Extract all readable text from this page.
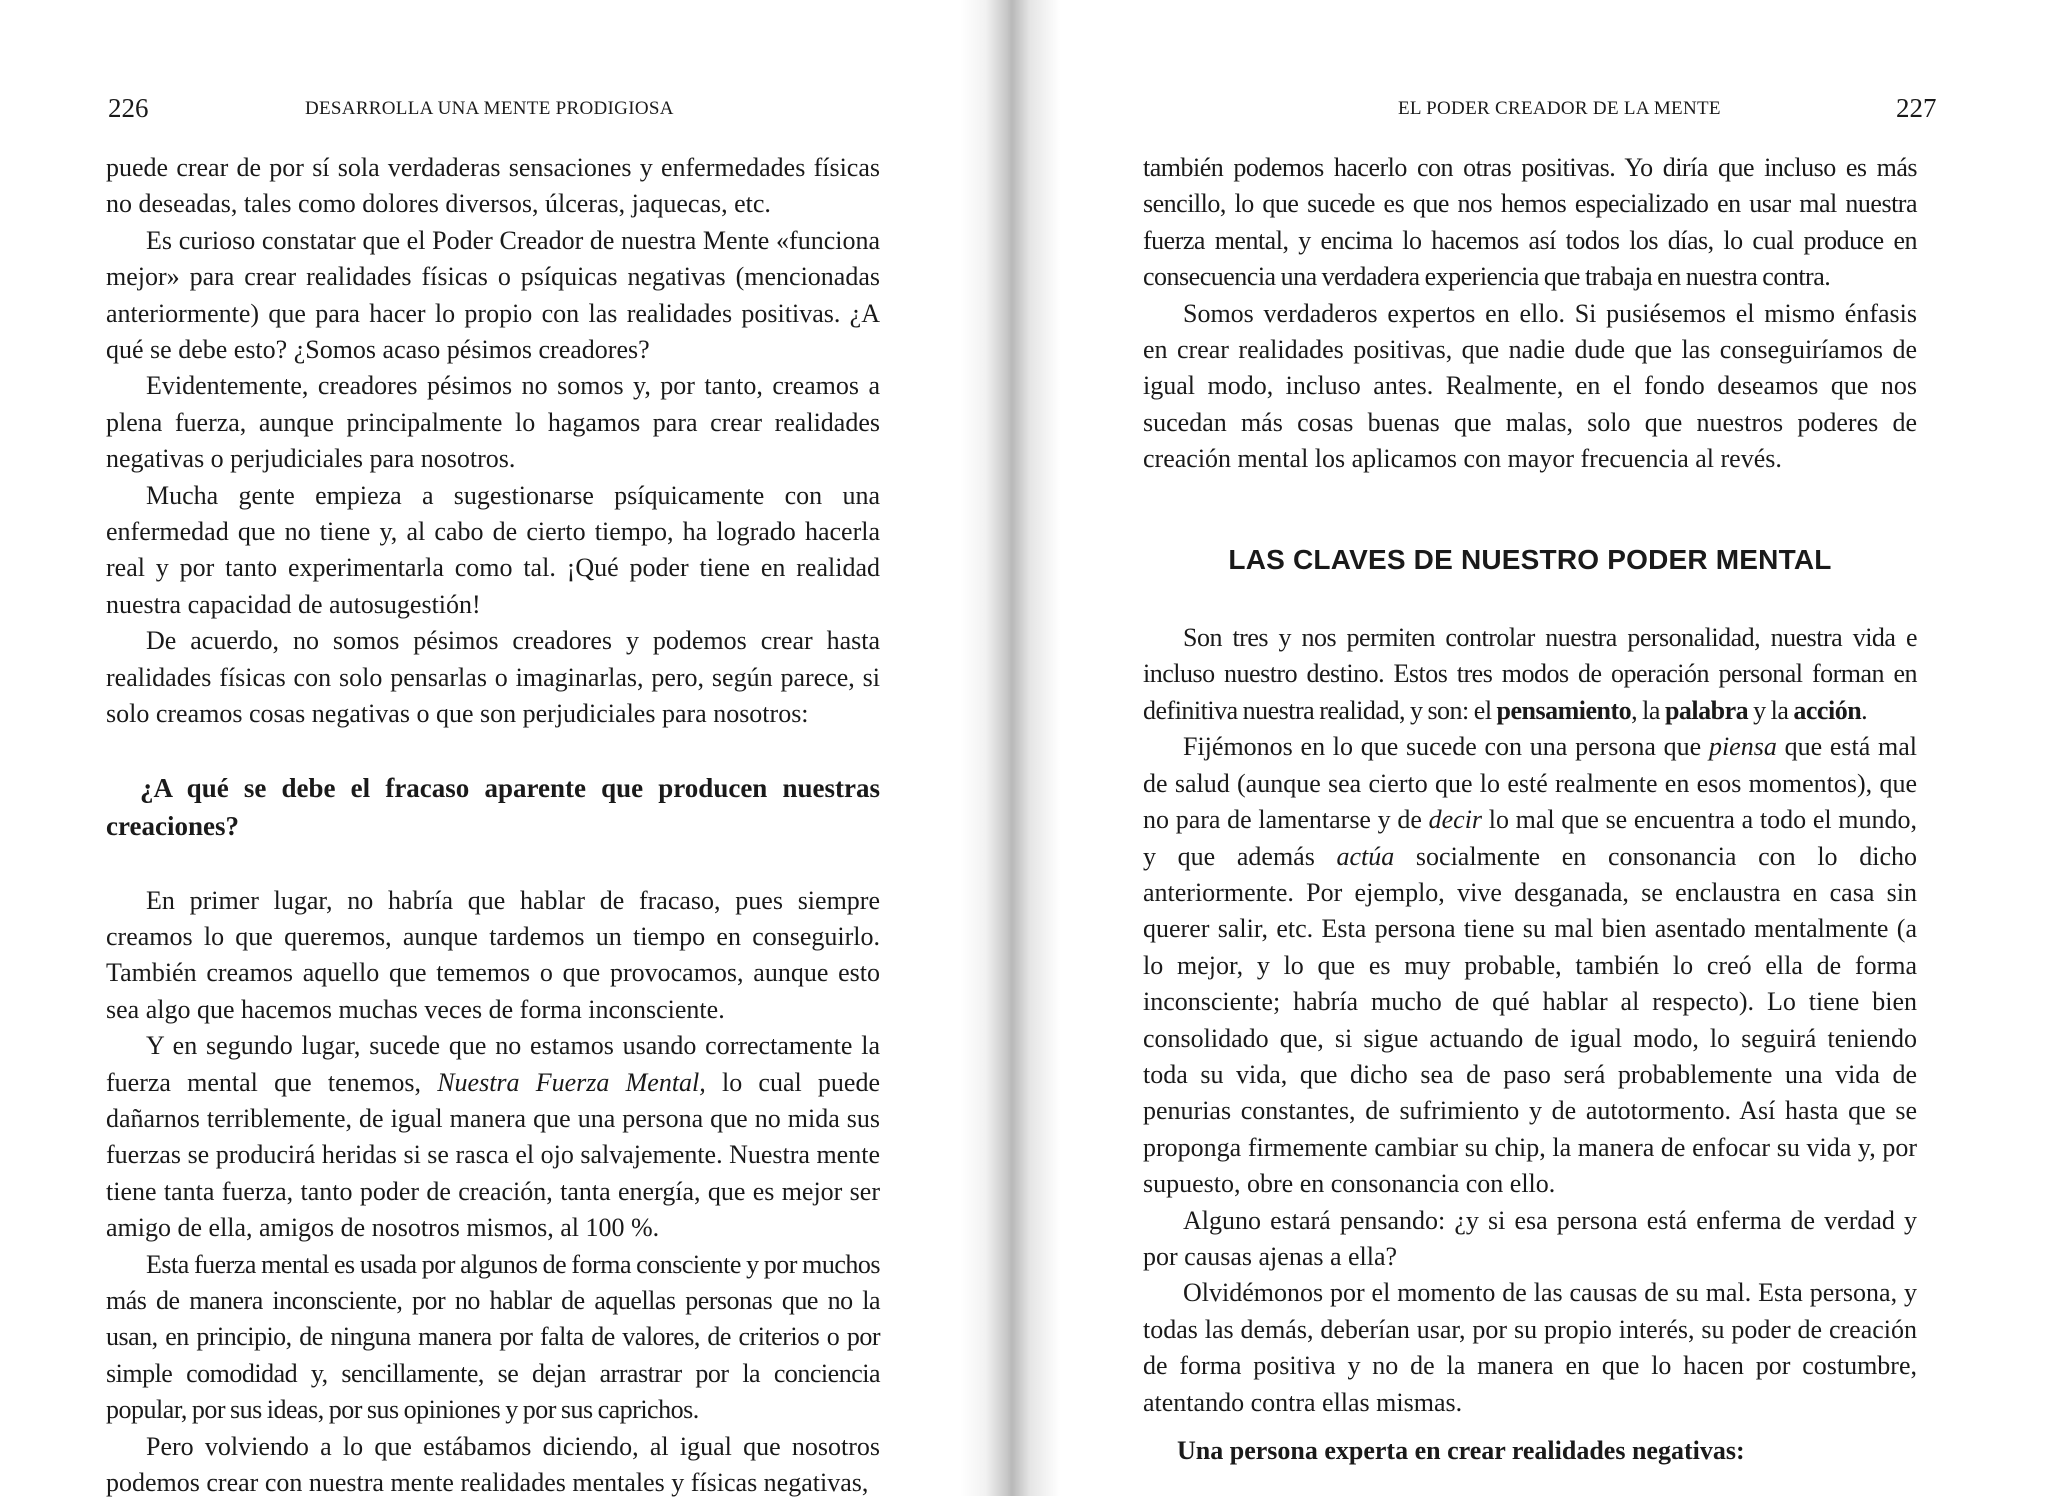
226	DESARROLLA UNA MENTE PRODIGIOSA

puede crear de por sí sola verdaderas sensaciones y enfermedades físicas no deseadas, tales como dolores diversos, úlceras, jaquecas, etc.

Es curioso constatar que el Poder Creador de nuestra Mente «funciona mejor» para crear realidades físicas o psíquicas negativas (mencionadas anteriormente) que para hacer lo propio con las realidades positivas. ¿A qué se debe esto? ¿Somos acaso pésimos creadores?

Evidentemente, creadores pésimos no somos y, por tanto, creamos a plena fuerza, aunque principalmente lo hagamos para crear realidades negativas o perjudiciales para nosotros.

Mucha gente empieza a sugestionarse psíquicamente con una enfermedad que no tiene y, al cabo de cierto tiempo, ha logrado hacerla real y por tanto experimentarla como tal. ¡Qué poder tiene en realidad nuestra capacidad de autosugestión!

De acuerdo, no somos pésimos creadores y podemos crear hasta realidades físicas con solo pensarlas o imaginarlas, pero, según parece, si solo creamos cosas negativas o que son perjudiciales para nosotros:

¿A qué se debe el fracaso aparente que producen nuestras creaciones?

En primer lugar, no habría que hablar de fracaso, pues siempre creamos lo que queremos, aunque tardemos un tiempo en conseguirlo. También creamos aquello que tememos o que provocamos, aunque esto sea algo que hacemos muchas veces de forma inconsciente.

Y en segundo lugar, sucede que no estamos usando correctamente la fuerza mental que tenemos, Nuestra Fuerza Mental, lo cual puede dañarnos terriblemente, de igual manera que una persona que no mida sus fuerzas se producirá heridas si se rasca el ojo salvajemente. Nuestra mente tiene tanta fuerza, tanto poder de creación, tanta energía, que es mejor ser amigo de ella, amigos de nosotros mismos, al 100 %.

Esta fuerza mental es usada por algunos de forma consciente y por muchos más de manera inconsciente, por no hablar de aquellas personas que no la usan, en principio, de ninguna manera por falta de valores, de criterios o por simple comodidad y, sencillamente, se dejan arrastrar por la conciencia popular, por sus ideas, por sus opiniones y por sus caprichos.

Pero volviendo a lo que estábamos diciendo, al igual que nosotros podemos crear con nuestra mente realidades mentales y físicas negativas,

EL PODER CREADOR DE LA MENTE	227

también podemos hacerlo con otras positivas. Yo diría que incluso es más sencillo, lo que sucede es que nos hemos especializado en usar mal nuestra fuerza mental, y encima lo hacemos así todos los días, lo cual produce en consecuencia una verdadera experiencia que trabaja en nuestra contra.

Somos verdaderos expertos en ello. Si pusiésemos el mismo énfasis en crear realidades positivas, que nadie dude que las conseguiríamos de igual modo, incluso antes. Realmente, en el fondo deseamos que nos sucedan más cosas buenas que malas, solo que nuestros poderes de creación mental los aplicamos con mayor frecuencia al revés.

LAS CLAVES DE NUESTRO PODER MENTAL

Son tres y nos permiten controlar nuestra personalidad, nuestra vida e incluso nuestro destino. Estos tres modos de operación personal forman en definitiva nuestra realidad, y son: el pensamiento, la palabra y la acción.

Fijémonos en lo que sucede con una persona que piensa que está mal de salud (aunque sea cierto que lo esté realmente en esos momentos), que no para de lamentarse y de decir lo mal que se encuentra a todo el mundo, y que además actúa socialmente en consonancia con lo dicho anteriormente. Por ejemplo, vive desganada, se enclaustra en casa sin querer salir, etc. Esta persona tiene su mal bien asentado mentalmente (a lo mejor, y lo que es muy probable, también lo creó ella de forma inconsciente; habría mucho de qué hablar al respecto). Lo tiene bien consolidado que, si sigue actuando de igual modo, lo seguirá teniendo toda su vida, que dicho sea de paso será probablemente una vida de penurias constantes, de sufrimiento y de autotormento. Así hasta que se proponga firmemente cambiar su chip, la manera de enfocar su vida y, por supuesto, obre en consonancia con ello.

Alguno estará pensando: ¿y si esa persona está enferma de verdad y por causas ajenas a ella?

Olvidémonos por el momento de las causas de su mal. Esta persona, y todas las demás, deberían usar, por su propio interés, su poder de creación de forma positiva y no de la manera en que lo hacen por costumbre, atentando contra ellas mismas.

Una persona experta en crear realidades negativas:
